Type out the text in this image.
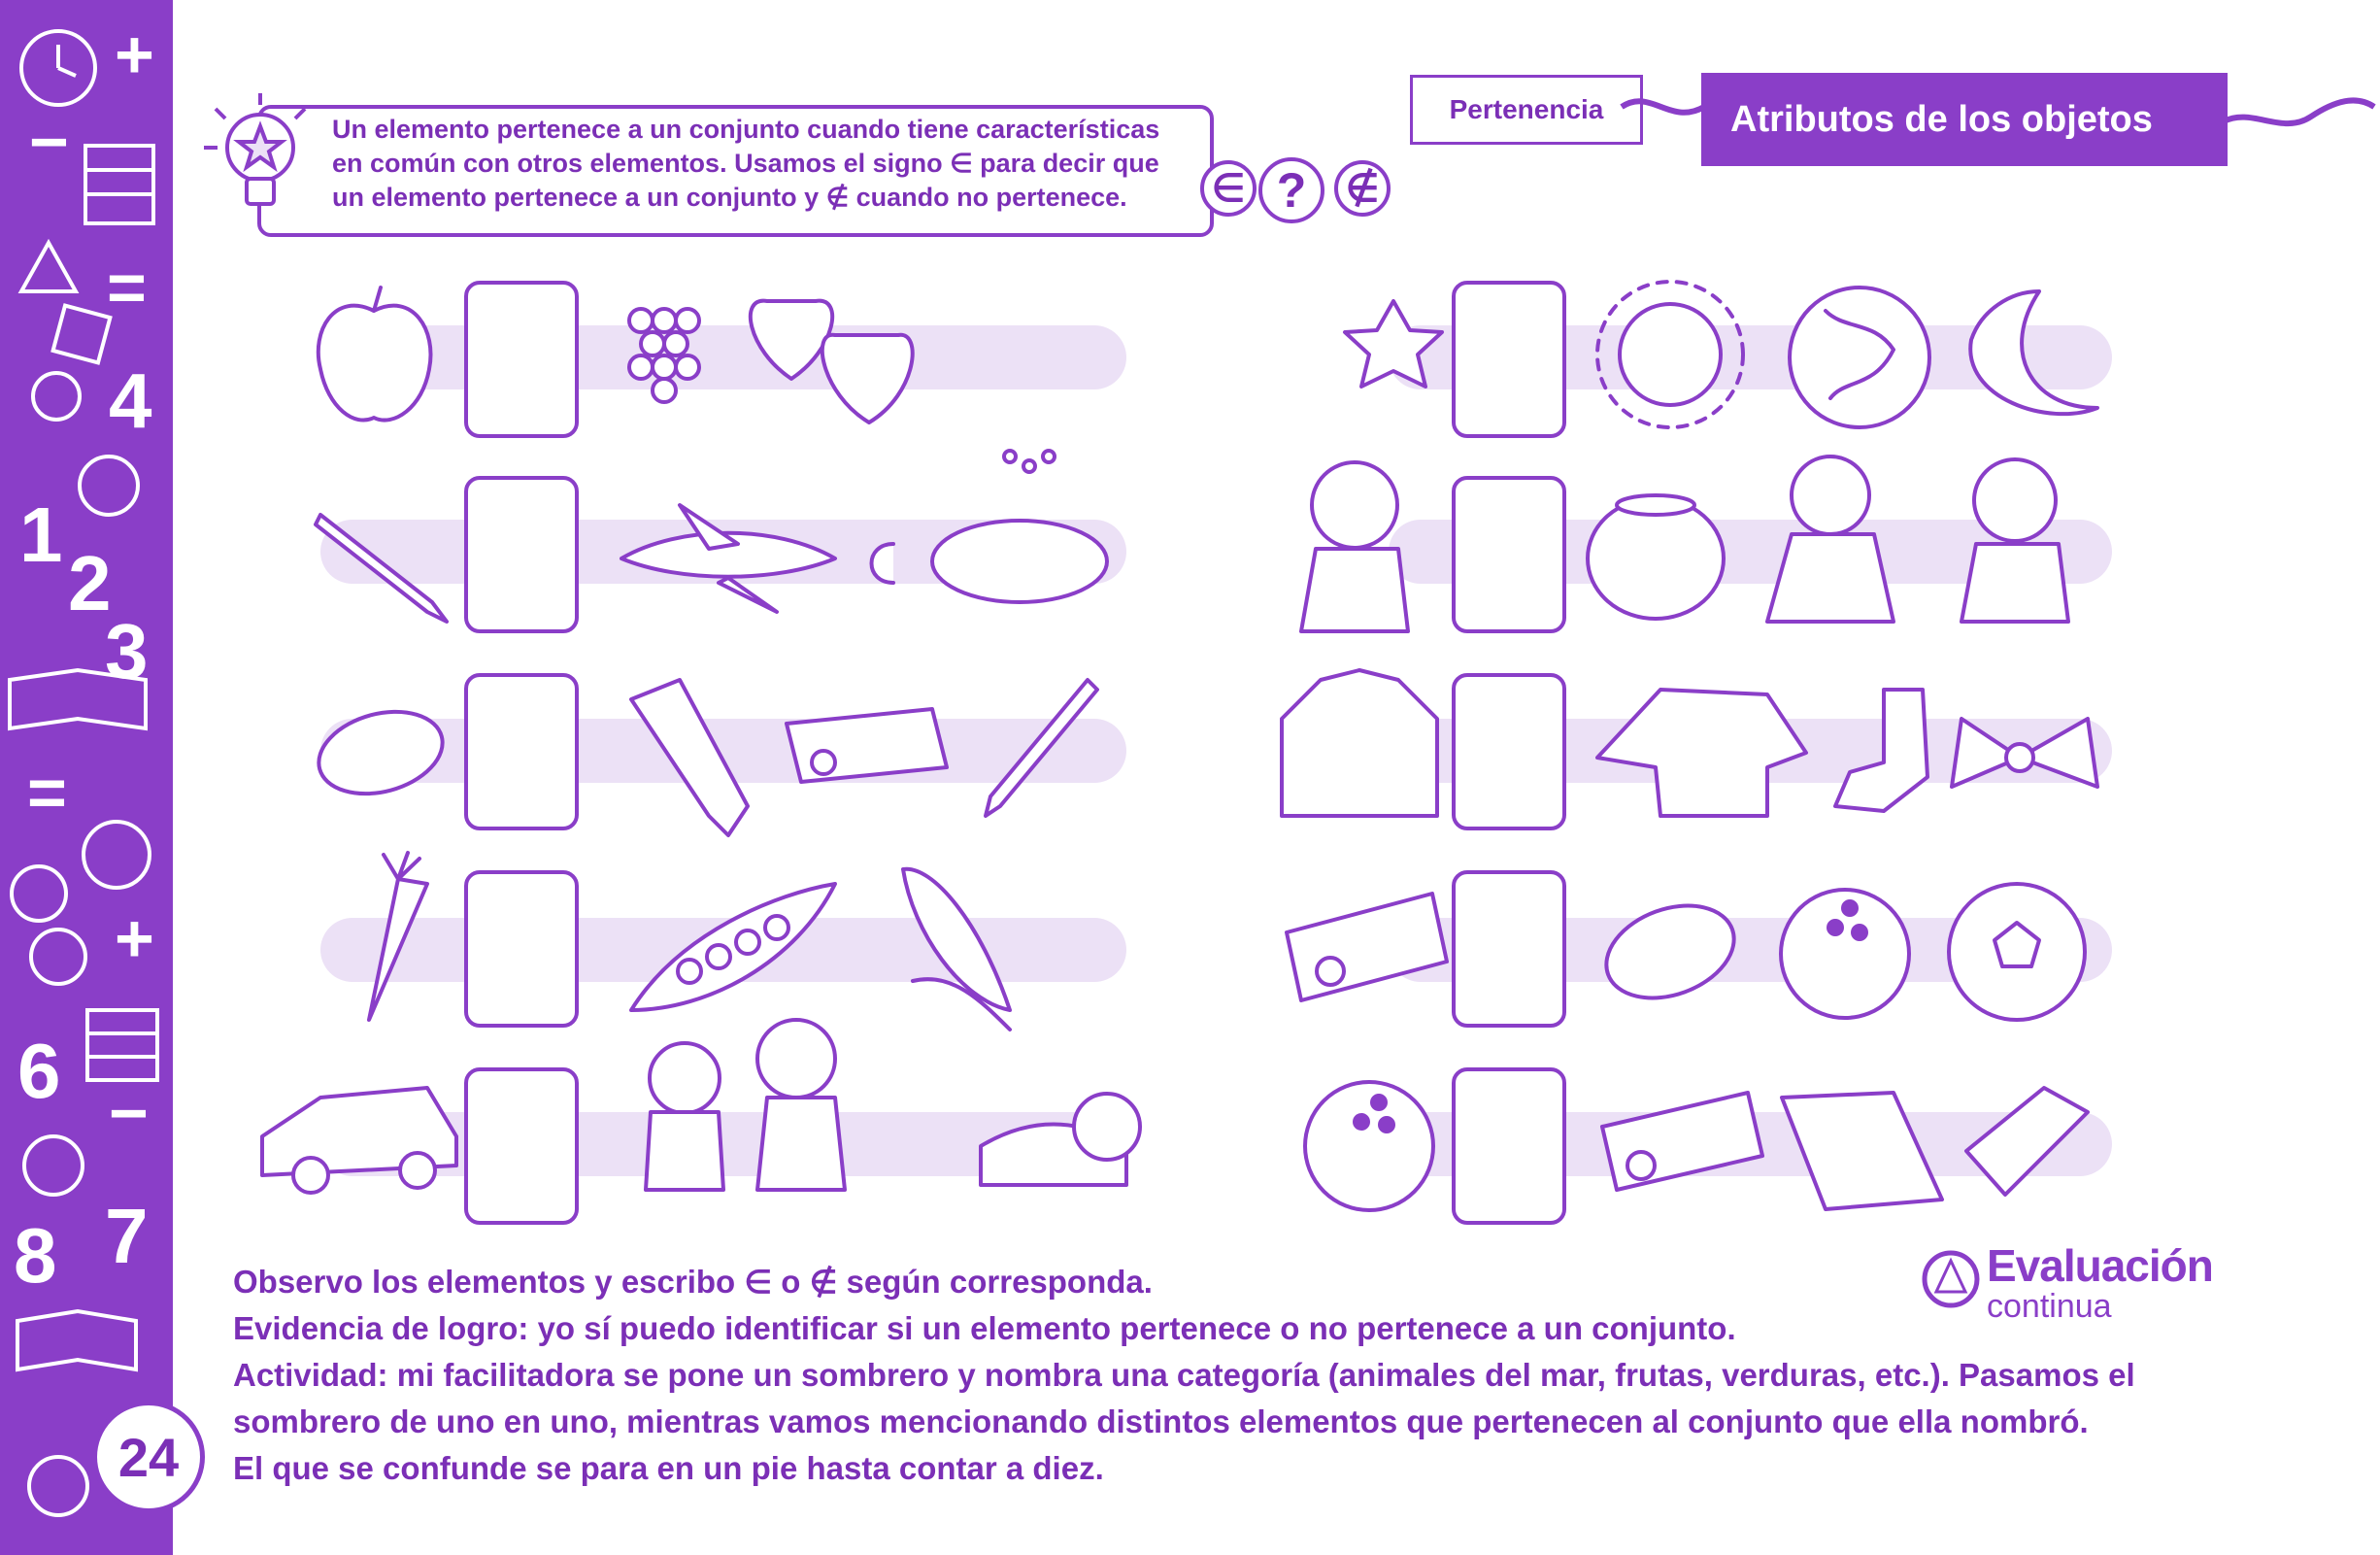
+
−
=
4
1
2
3
=
+
6 −
7
8
24
Un elemento pertenece a un conjunto cuando tiene características
en común con otros elementos. Usamos el signo ∈ para decir que
un elemento pertenece a un conjunto y ∉ cuando no pertenece.	∈ ?	∉
Pertenencia	Atributos de los objetos

Observo los elementos y escribo ∈ o ∉ según corresponda.

Evidencia de logro: yo sí puedo identificar si un elemento pertenece o no pertenece a un conjunto.

Actividad: mi facilitadora se pone un sombrero y nombra una categoría (animales del mar, frutas, verduras, etc.). Pasamos el

sombrero de uno en uno, mientras vamos mencionando distintos elementos que pertenecen al conjunto que ella nombró.

El que se confunde se para en un pie hasta contar a diez.

Evaluación
continua
